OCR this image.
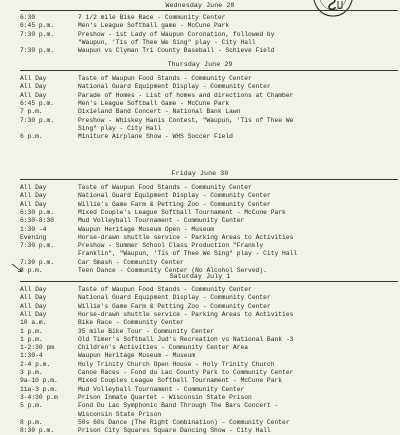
Wednesday June 28
6:30	7 1/2 mile Bike Race - Community Center
6:45 p.m.	Men's League Softball game - McCune Park
7:30 p.m.	Preshow - 1st Lady of Waupun Coronation, followed by
"Waupun, 'Tis of Thee We Sing" play - City Hall
7:30 p.m.	Waupun vs Clyman Tri County Baseball - Schieve Field
Thursday June 29
All Day	Taste of Waupun Food Stands - Community Center
All Day	National Guard Equipment Display - Community Center
All Day	Parade of Homes - List of homes and directions at Chamber
6:45 p.m.	Men's League Softball Game - McCune Park
7 p.m.	Dixieland Band Concert - National Bank Lawn
7:30 p.m.	Preshow - Whiskey Hanis Contest, "Waupun, 'Tis of Thee We
Sing" play - City Hall
6 p.m.	Miniture Airplane Show - WHS Soccer Field
Friday June 30
All Day	Taste of Waupun Food Stands - Community Center
All Day	National Guard Equipment Display - Community Center
All Day	Willie's Game Farm & Petting Zoo - Community Center
6:30 p.m.	Mixed Couple's League Softball Tournament - McCune Park
6:30-8:30	Mud Volleyball Tournament - Community Center
1:30 -4	Waupun Heritage Museum Open - Museum
Evening	Horse-drawn shuttle service - Parking Areas to Activities
7:30 p.m.	Preshow - Summer School Class Production "Frankly
Franklin", "Waupun, 'Tis of Thee We Sing" play - City Hall
7:30 p.m.	Car Smash - Community Center
8 p.m.	Teen Dance - Community Center (No Alcohol Served).
Saturday July 1
All Day	Taste of Waupun Food Stands - Community Center
All Day	National Guard Equipment Display - Community Center
All Day	Willie's Game Farm & Petting Zoo - Community Center
All Day	Horse-drawn shuttle service - Parking Areas to Activities
10 a.m.	Bike Race - Community Center
1 p.m.	35 mile Bike Tour - Community Center
1 p.m.	Old Timer's Softball Jud's Recreation vs National Bank -3
1-2:30 pm	Children's Activities - Community Center Area
1:30-4	Waupun Heritage Museum - Museum
2-4 p.m.	Holy Trinity Church Open House - Holy Trinity Church
3 p.m.	Canoe Races - Fond du Lac County Park to Community Center
9a-10 p.m.	Mixed Couples League Softball Tournament - McCune Park
11a-3 p.m.	Mud Volleyball Tournament - Community Center
3-4:30 p.m	Prison Inmate Quartet - Wisconsin State Prison
5 p.m.	Fond Du Lac Symphonic Band Through The Bars Concert -
Wisconsin State Prison
8 p.m.	50s 60s Dance (The Right Combination) - Community Center
8:30 p.m.	Prison City Squares Square Dancing Show - City Hall
